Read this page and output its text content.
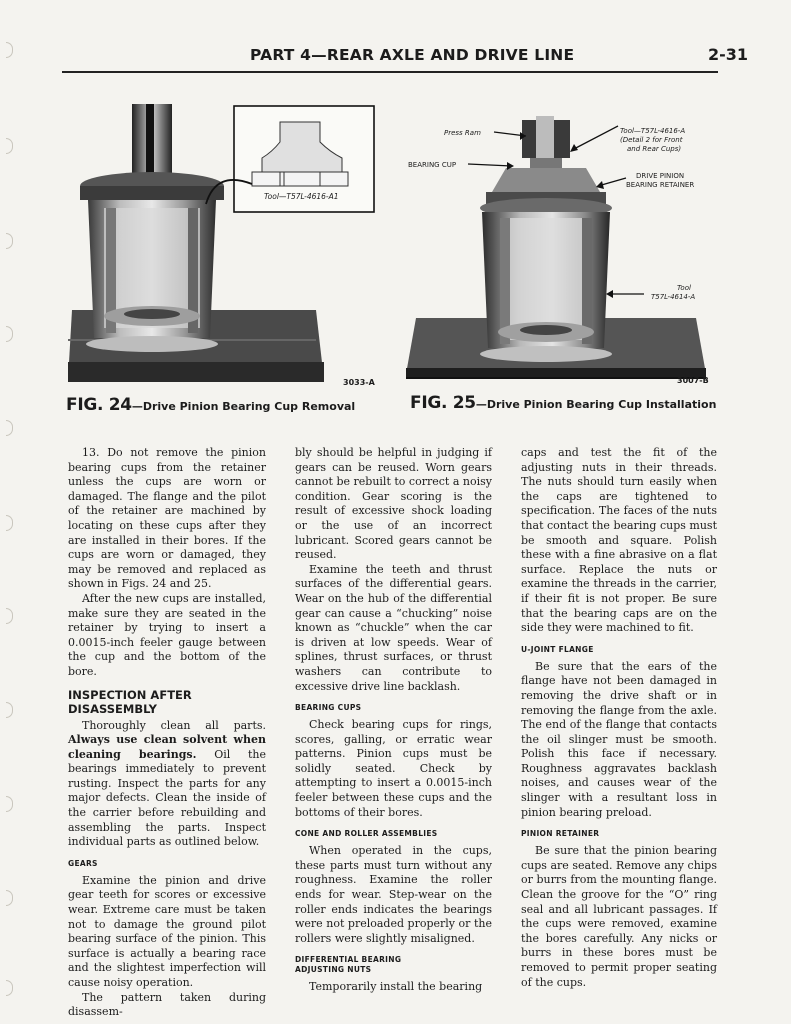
PART 4—REAR AXLE AND DRIVE LINE	2-31
Tool—T57L-4616-A1
3033-A
FIG. 24—Drive Pinion Bearing Cup Removal
Press Ram
BEARING CUP
Tool—T57L-4616-A
(Detail 2 for Front
and Rear Cups)
DRIVE PINION
BEARING RETAINER
Tool
T57L-4614-A
3007-B
FIG. 25—Drive Pinion Bearing Cup Installation

13. Do not remove the pinion bearing cups from the retainer unless the cups are worn or damaged. The flange and the pilot of the retainer are machined by locating on these cups after they are installed in their bores. If the cups are worn or damaged, they may be removed and replaced as shown in Figs. 24 and 25.

After the new cups are installed, make sure they are seated in the retainer by trying to insert a 0.0015-inch feeler gauge between the cup and the bottom of the bore.

INSPECTION AFTER
DISASSEMBLY

Thoroughly clean all parts. Always use clean solvent when cleaning bearings. Oil the bearings immediately to prevent rusting. Inspect the parts for any major defects. Clean the inside of the carrier before rebuilding and assembling the parts. Inspect individual parts as outlined below.

GEARS

Examine the pinion and drive gear teeth for scores or excessive wear. Extreme care must be taken not to damage the ground pilot bearing surface of the pinion. This surface is actually a bearing race and the slightest imperfection will cause noisy operation.

The pattern taken during disassem-

bly should be helpful in judging if gears can be reused. Worn gears cannot be rebuilt to correct a noisy condition. Gear scoring is the result of excessive shock loading or the use of an incorrect lubricant. Scored gears cannot be reused.

Examine the teeth and thrust surfaces of the differential gears. Wear on the hub of the differential gear can cause a “chucking” noise known as “chuckle” when the car is driven at low speeds. Wear of splines, thrust surfaces, or thrust washers can contribute to excessive drive line backlash.

BEARING CUPS

Check bearing cups for rings, scores, galling, or erratic wear patterns. Pinion cups must be solidly seated. Check by attempting to insert a 0.0015-inch feeler between these cups and the bottoms of their bores.

CONE AND ROLLER ASSEMBLIES

When operated in the cups, these parts must turn without any roughness. Examine the roller ends for wear. Step-wear on the roller ends indicates the bearings were not preloaded properly or the rollers were slightly misaligned.

DIFFERENTIAL BEARING
ADJUSTING NUTS

Temporarily install the bearing

caps and test the fit of the adjusting nuts in their threads. The nuts should turn easily when the caps are tightened to specification. The faces of the nuts that contact the bearing cups must be smooth and square. Polish these with a fine abrasive on a flat surface. Replace the nuts or examine the threads in the carrier, if their fit is not proper. Be sure that the bearing caps are on the side they were machined to fit.

U-JOINT FLANGE

Be sure that the ears of the flange have not been damaged in removing the drive shaft or in removing the flange from the axle. The end of the flange that contacts the oil slinger must be smooth. Polish this face if necessary. Roughness aggravates backlash noises, and causes wear of the slinger with a resultant loss in pinion bearing preload.

PINION RETAINER

Be sure that the pinion bearing cups are seated. Remove any chips or burrs from the mounting flange. Clean the groove for the “O” ring seal and all lubricant passages. If the cups were removed, examine the bores carefully. Any nicks or burrs in these bores must be removed to permit proper seating of the cups.
